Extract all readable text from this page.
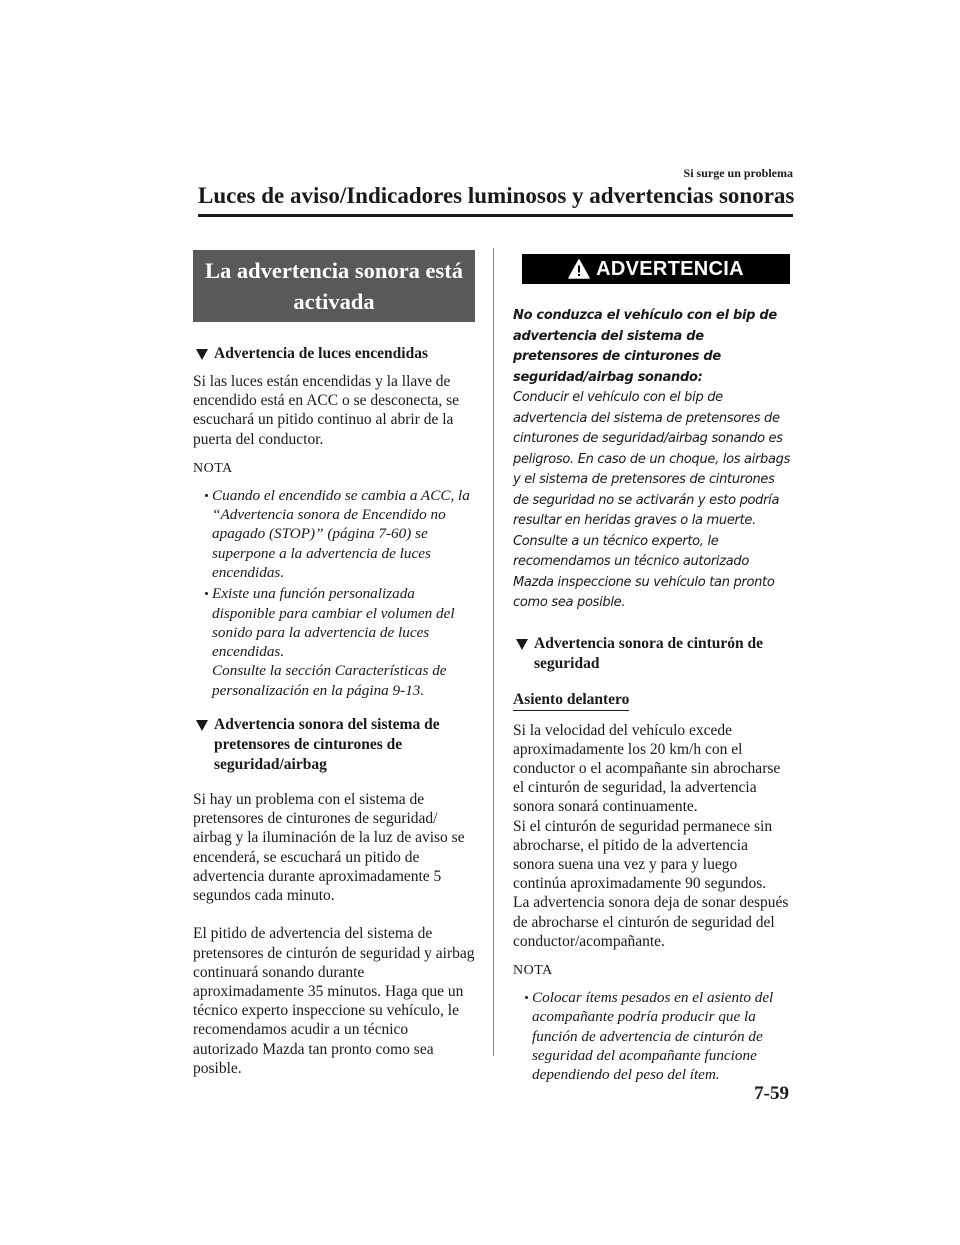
Si surge un problema
Luces de aviso/Indicadores luminosos y advertencias sonoras
La advertencia sonora está activada
Advertencia de luces encendidas

Si las luces están encendidas y la llave de encendido está en ACC o se desconecta, se escuchará un pitido continuo al abrir de la puerta del conductor.

NOTA
Cuando el encendido se cambia a ACC, la “Advertencia sonora de Encendido no apagado (STOP)” (página 7-60) se superpone a la advertencia de luces encendidas.
Existe una función personalizada disponible para cambiar el volumen del sonido para la advertencia de luces encendidas.
Consulte la sección Características de personalización en la página 9-13.
Advertencia sonora del sistema de pretensores de cinturones de seguridad/airbag

Si hay un problema con el sistema de pretensores de cinturones de seguridad/ airbag y la iluminación de la luz de aviso se encenderá, se escuchará un pitido de advertencia durante aproximadamente 5 segundos cada minuto.

El pitido de advertencia del sistema de pretensores de cinturón de seguridad y airbag continuará sonando durante aproximadamente 35 minutos. Haga que un técnico experto inspeccione su vehículo, le recomendamos acudir a un técnico autorizado Mazda tan pronto como sea posible.

ADVERTENCIA
No conduzca el vehículo con el bip de advertencia del sistema de pretensores de cinturones de seguridad/airbag sonando:
Conducir el vehículo con el bip de advertencia del sistema de pretensores de cinturones de seguridad/airbag sonando es peligroso. En caso de un choque, los airbags y el sistema de pretensores de cinturones de seguridad no se activarán y esto podría resultar en heridas graves o la muerte. Consulte a un técnico experto, le recomendamos un técnico autorizado Mazda inspeccione su vehículo tan pronto como sea posible.
Advertencia sonora de cinturón de seguridad
Asiento delantero

Si la velocidad del vehículo excede aproximadamente los 20 km/h con el conductor o el acompañante sin abrocharse el cinturón de seguridad, la advertencia sonora sonará continuamente.

Si el cinturón de seguridad permanece sin abrocharse, el pitido de la advertencia sonora suena una vez y para y luego continúa aproximadamente 90 segundos.

La advertencia sonora deja de sonar después de abrocharse el cinturón de seguridad del conductor/acompañante.

NOTA
Colocar ítems pesados en el asiento del acompañante podría producir que la función de advertencia de cinturón de seguridad del acompañante funcione dependiendo del peso del ítem.
7-59
